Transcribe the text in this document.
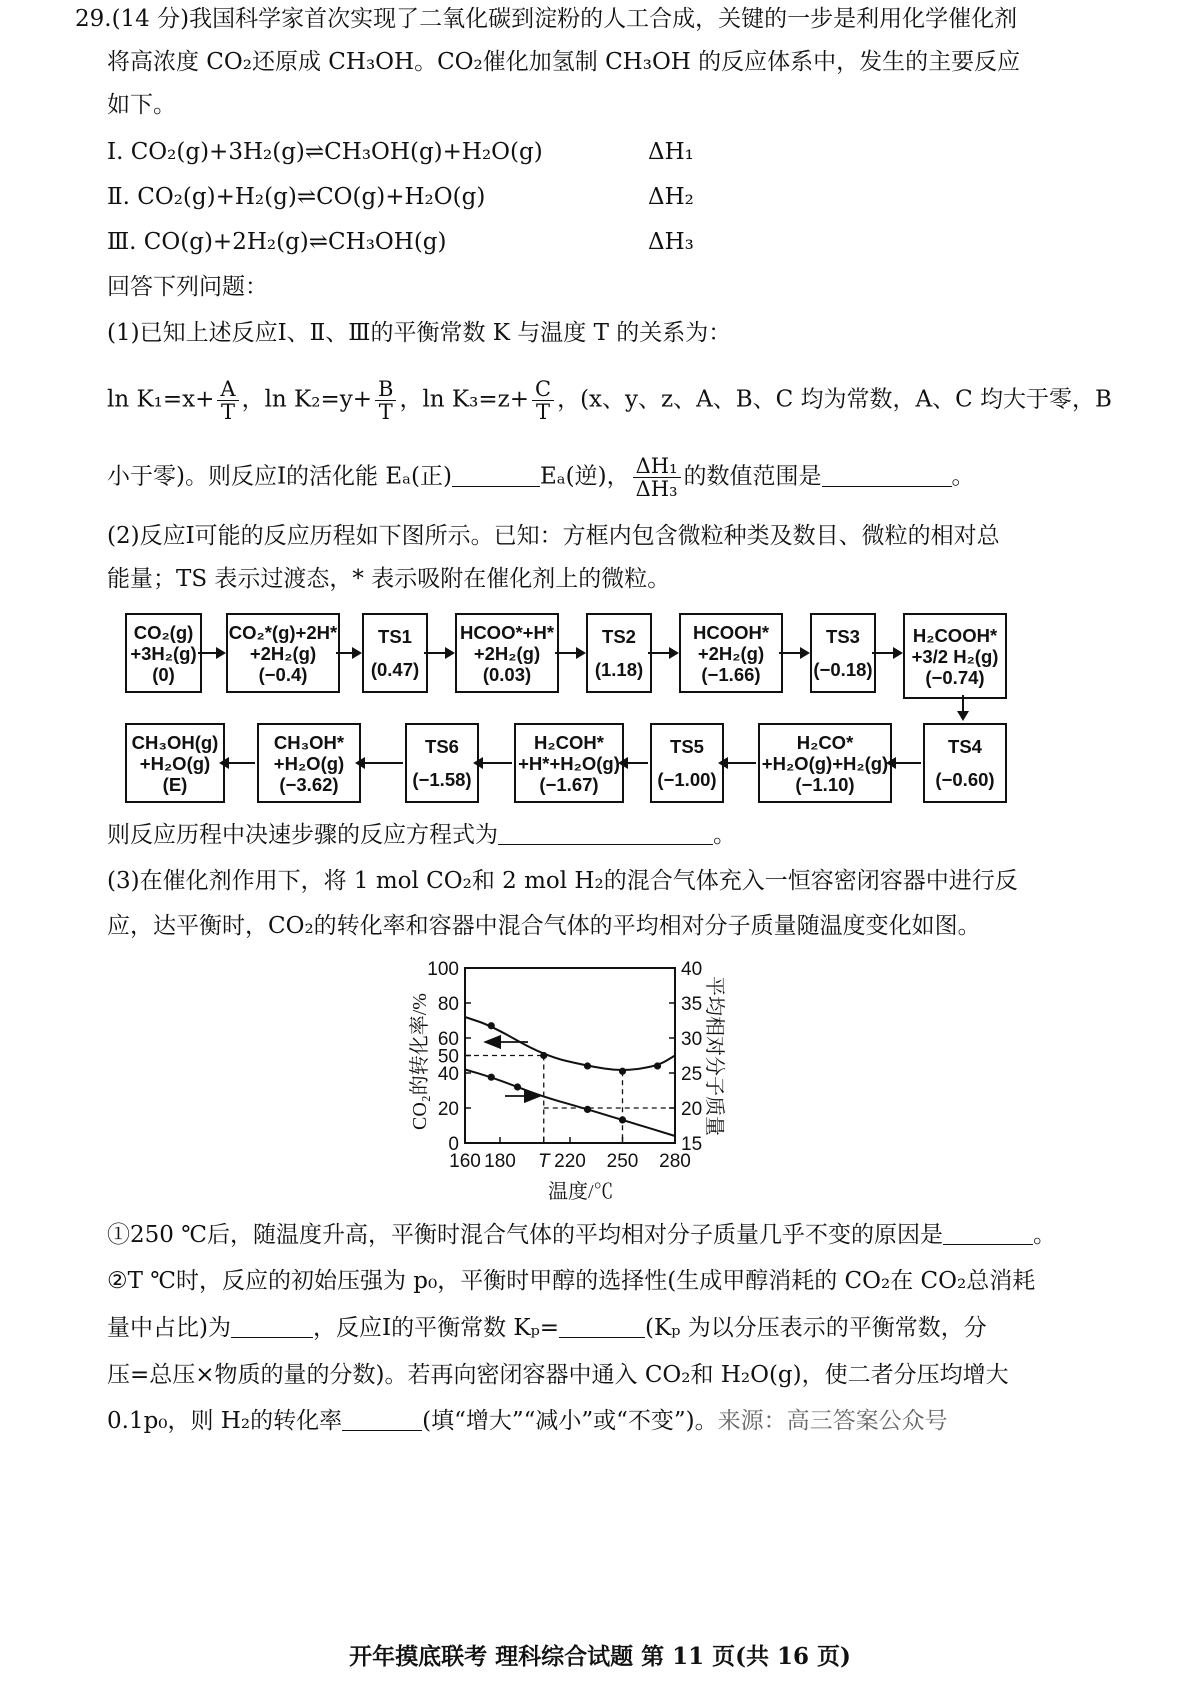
29.(14 分)我国科学家首次实现了二氧化碳到淀粉的人工合成，关键的一步是利用化学催化剂
将高浓度 CO₂还原成 CH₃OH。CO₂催化加氢制 CH₃OH 的反应体系中，发生的主要反应
如下。
Ⅰ. CO₂(g)+3H₂(g)⇌CH₃OH(g)+H₂O(g)	ΔH₁
Ⅱ. CO₂(g)+H₂(g)⇌CO(g)+H₂O(g)	ΔH₂
Ⅲ. CO(g)+2H₂(g)⇌CH₃OH(g)	ΔH₃
回答下列问题：
(1)已知上述反应Ⅰ、Ⅱ、Ⅲ的平衡常数 K 与温度 T 的关系为：
$\ln K_1=x+ \frac{A}{T}$ ，$\ln K_2=y+ \frac{B}{T}$ ，$\ln K_3=z+ \frac{C}{T}$ ，(x、y、z、A、B、C 均为常数，A、C 均大于零，B
小于零)。则反应Ⅰ的活化能 Eₐ(正)	Eₐ(逆)， $\frac{\text{ΔH₁}}{\text{ΔH₃}}$ 的数值范围是	。
(2)反应Ⅰ可能的反应历程如下图所示。已知：方框内包含微粒种类及数目、微粒的相对总
能量；TS 表示过渡态，* 表示吸附在催化剂上的微粒。
CO₂(g)
+3H₂(g)
(0)
CO₂*(g)+2H*
+2H₂(g)
(−0.4)
TS1
(0.47)
HCOO*+H*
+2H₂(g)
(0.03)
TS2
(1.18)
HCOOH*
+2H₂(g)
(−1.66)
TS3
(−0.18)
H₂COOH*
+3/2 H₂(g)
(−0.74)
CH₃OH(g)
+H₂O(g)
(E)
CH₃OH*
+H₂O(g)
(−3.62)
TS6
(−1.58)
H₂COH*
+H*+H₂O(g)
(−1.67)
TS5
(−1.00)
H₂CO*
+H₂O(g)+H₂(g)
(−1.10)
TS4
(−0.60)
则反应历程中决速步骤的反应方程式为	。
(3)在催化剂作用下，将 1 mol CO₂和 2 mol H₂的混合气体充入一恒容密闭容器中进行反
应，达平衡时，CO₂的转化率和容器中混合气体的平均相对分子质量随温度变化如图。
0
20
40
50
60
80
100
15
20
25
30
35
40
160 180 T 220 250 280
CO₂的转化率/%	平均相对分子质量
温度/℃
①250 ℃后，随温度升高，平衡时混合气体的平均相对分子质量几乎不变的原因是	。
②T ℃时，反应的初始压强为 p₀，平衡时甲醇的选择性(生成甲醇消耗的 CO₂在 CO₂总消耗
量中占比)为	，反应Ⅰ的平衡常数 Kₚ=	(Kₚ 为以分压表示的平衡常数，分
压=总压×物质的量的分数)。若再向密闭容器中通入 CO₂和 H₂O(g)，使二者分压均增大
0.1p₀，则 H₂的转化率	(填“增大”“减小”或“不变”)。来源：高三答案公众号
开年摸底联考 理科综合试题 第 11 页(共 16 页)
